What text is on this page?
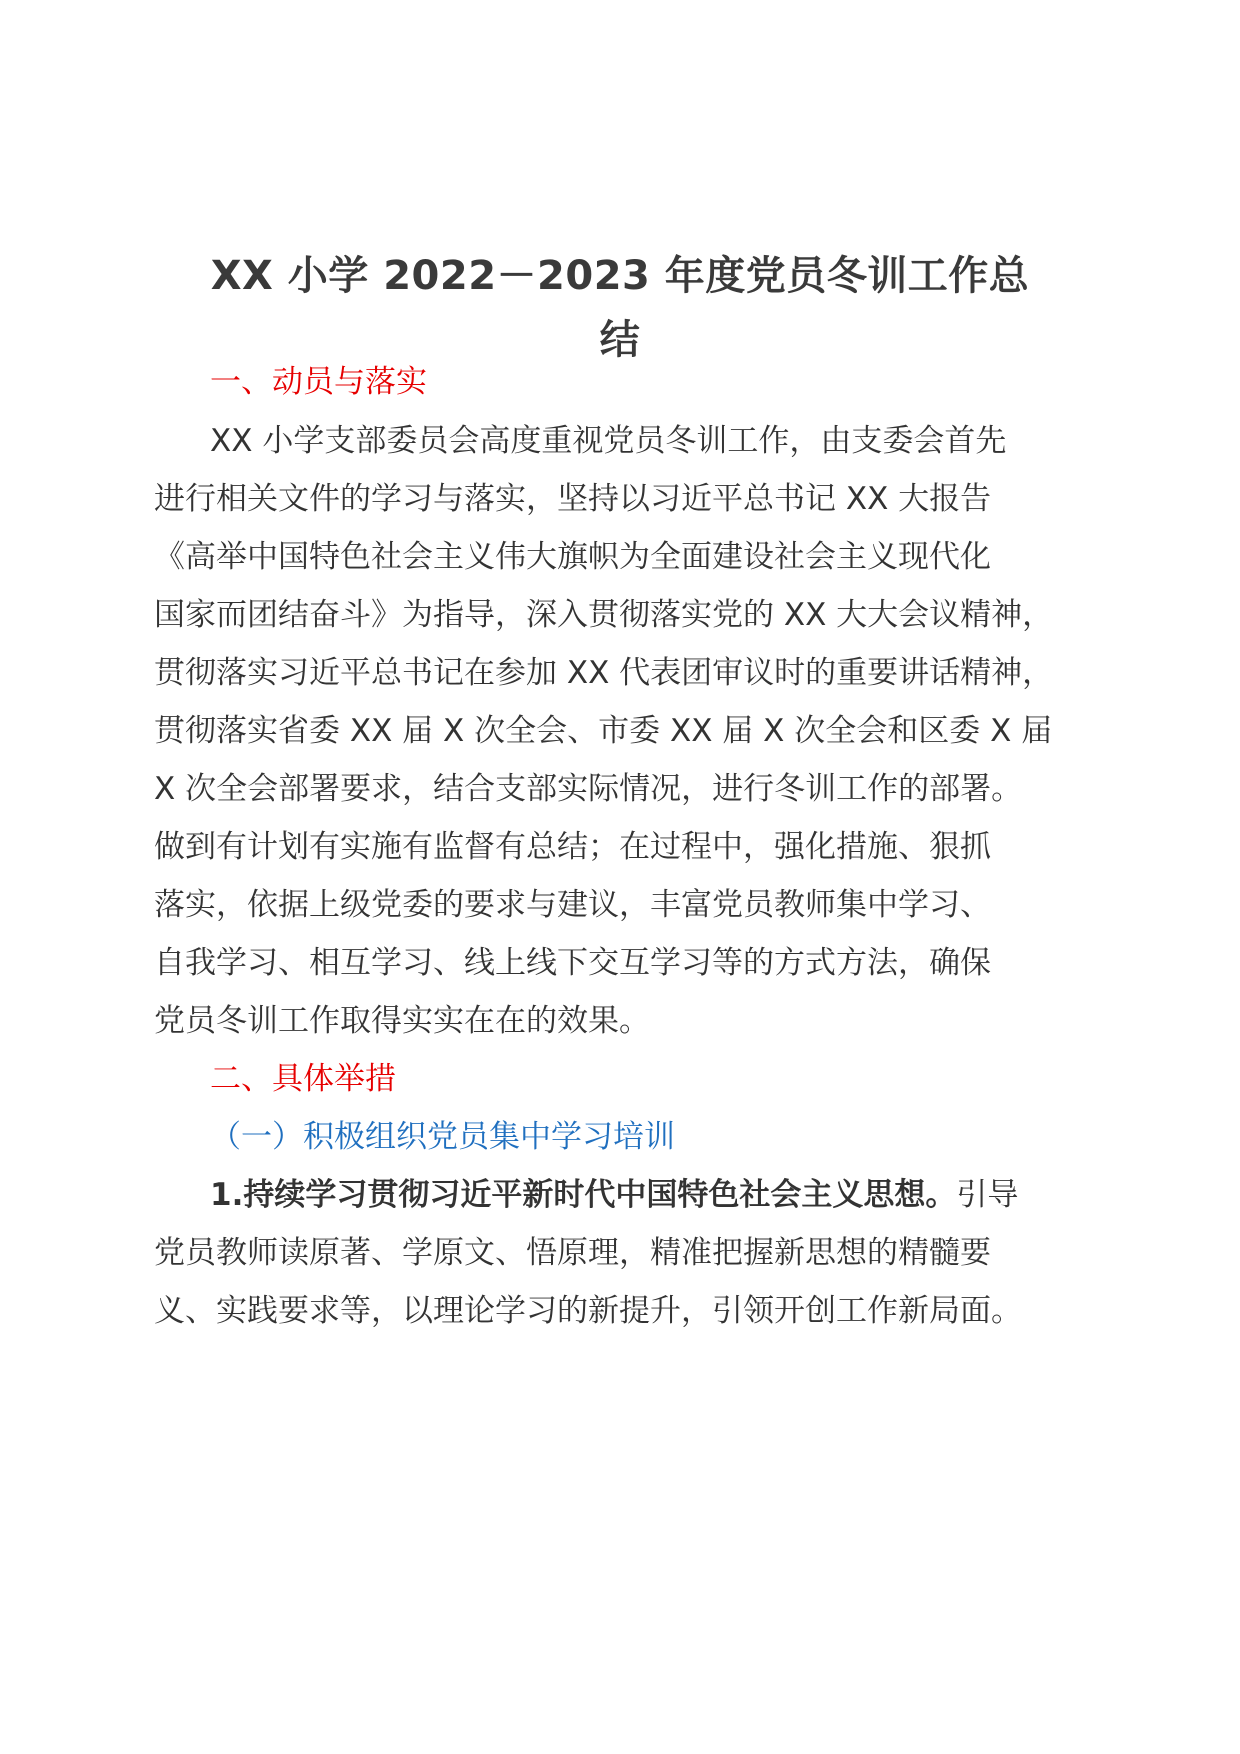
XX 小学 2022－2023 年度党员冬训工作总
结
一、动员与落实
XX 小学支部委员会高度重视党员冬训工作，由支委会首先
进行相关文件的学习与落实，坚持以习近平总书记 XX 大报告
《高举中国特色社会主义伟大旗帜为全面建设社会主义现代化
国家而团结奋斗》为指导，深入贯彻落实党的 XX 大大会议精神，
贯彻落实习近平总书记在参加 XX 代表团审议时的重要讲话精神，
贯彻落实省委 XX 届 X 次全会、市委 XX 届 X 次全会和区委 X 届
X 次全会部署要求，结合支部实际情况，进行冬训工作的部署。
做到有计划有实施有监督有总结；在过程中，强化措施、狠抓
落实，依据上级党委的要求与建议，丰富党员教师集中学习、
自我学习、相互学习、线上线下交互学习等的方式方法，确保
党员冬训工作取得实实在在的效果。
二、具体举措
（一）积极组织党员集中学习培训
1.持续学习贯彻习近平新时代中国特色社会主义思想。引导
党员教师读原著、学原文、悟原理，精准把握新思想的精髓要
义、实践要求等，以理论学习的新提升，引领开创工作新局面。
